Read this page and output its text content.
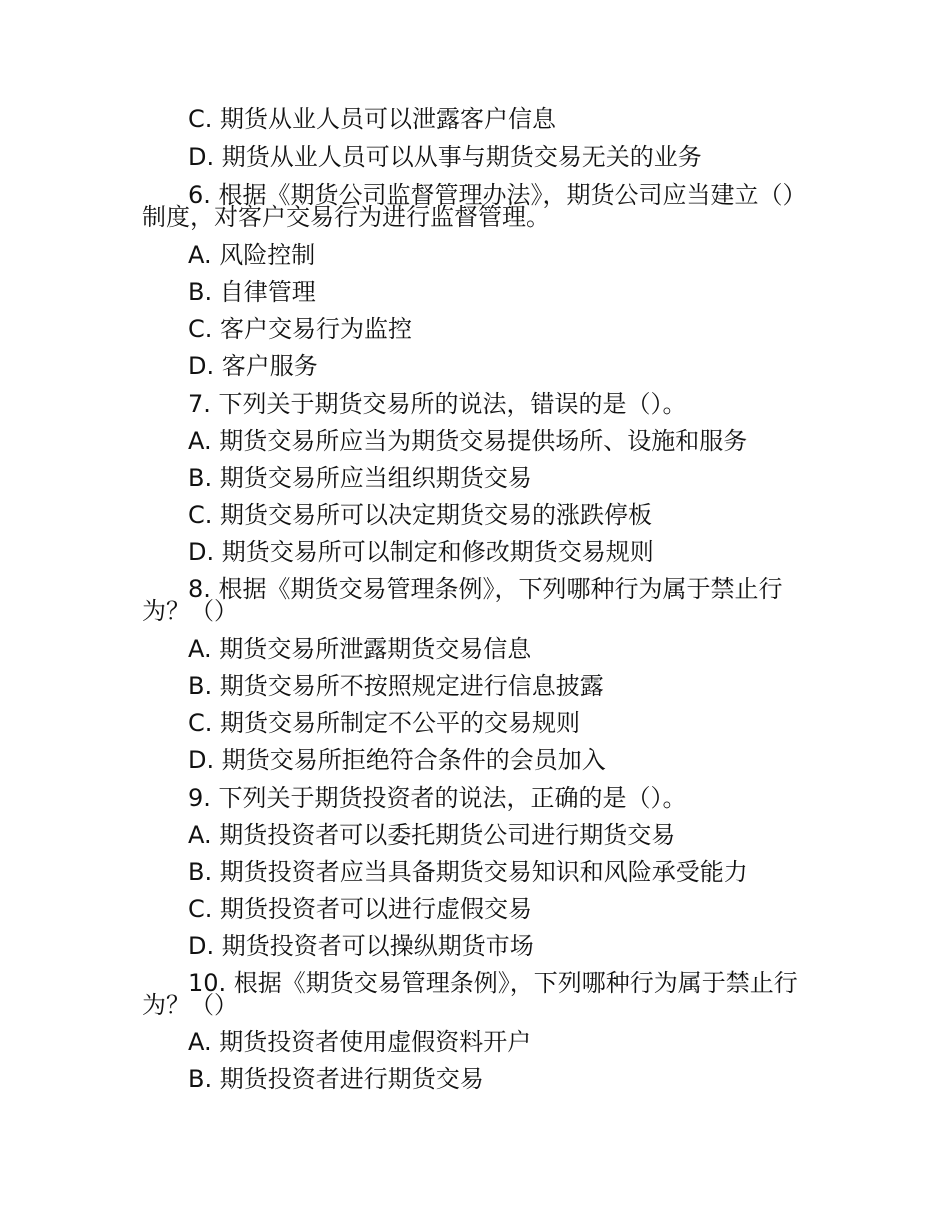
C. 期货从业人员可以泄露客户信息
D. 期货从业人员可以从事与期货交易无关的业务
6. 根据《期货公司监督管理办法》，期货公司应当建立（）制度，对客户交易行为进行监督管理。
A. 风险控制
B. 自律管理
C. 客户交易行为监控
D. 客户服务
7. 下列关于期货交易所的说法，错误的是（）。
A. 期货交易所应当为期货交易提供场所、设施和服务
B. 期货交易所应当组织期货交易
C. 期货交易所可以决定期货交易的涨跌停板
D. 期货交易所可以制定和修改期货交易规则
8. 根据《期货交易管理条例》，下列哪种行为属于禁止行为？（）
A. 期货交易所泄露期货交易信息
B. 期货交易所不按照规定进行信息披露
C. 期货交易所制定不公平的交易规则
D. 期货交易所拒绝符合条件的会员加入
9. 下列关于期货投资者的说法，正确的是（）。
A. 期货投资者可以委托期货公司进行期货交易
B. 期货投资者应当具备期货交易知识和风险承受能力
C. 期货投资者可以进行虚假交易
D. 期货投资者可以操纵期货市场
10. 根据《期货交易管理条例》，下列哪种行为属于禁止行为？（）
A. 期货投资者使用虚假资料开户
B. 期货投资者进行期货交易
